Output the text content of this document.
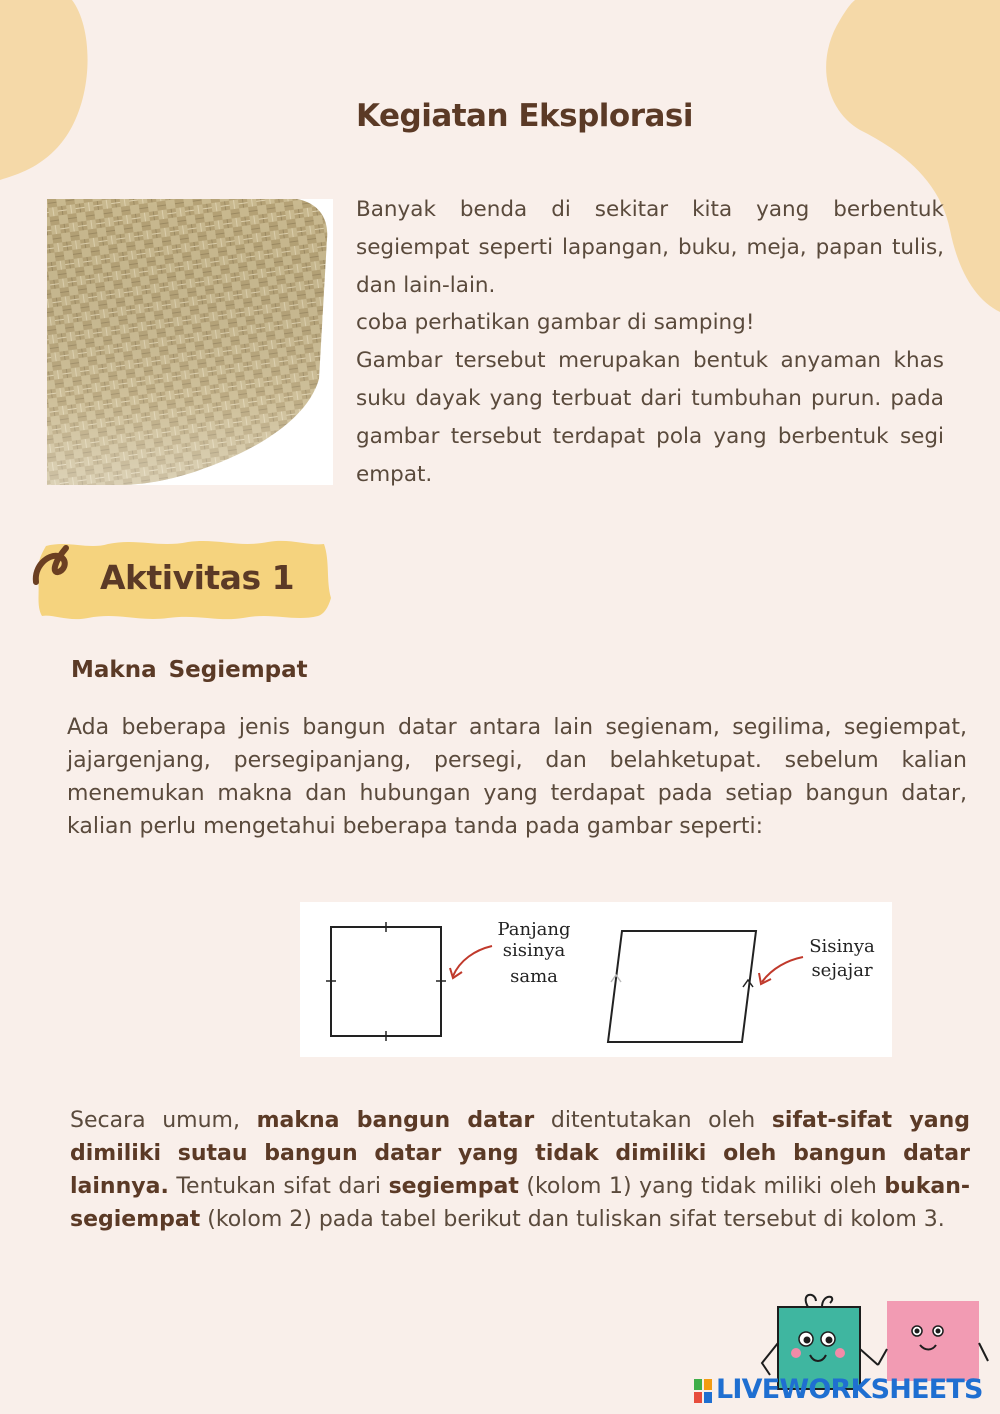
Kegiatan Eksplorasi

Banyak benda di sekitar kita yang berbentuk segiempat seperti lapangan, buku, meja, papan tulis, dan lain-lain.

coba perhatikan gambar di samping!

Gambar tersebut merupakan bentuk anyaman khas suku dayak yang terbuat dari tumbuhan purun. pada gambar tersebut terdapat pola yang berbentuk segi empat.

Aktivitas 1
Makna Segiempat

Ada beberapa jenis bangun datar antara lain segienam, segilima, segiempat, jajargenjang, persegipanjang, persegi, dan belahketupat. sebelum kalian menemukan makna dan hubungan yang terdapat pada setiap bangun datar, kalian perlu mengetahui beberapa tanda pada gambar seperti:

Panjang
sisinya
sama
Sisinya
sejajar

Secara umum, makna bangun datar ditentutakan oleh sifat-sifat yang dimiliki sutau bangun datar yang tidak dimiliki oleh bangun datar lainnya. Tentukan sifat dari segiempat (kolom 1) yang tidak miliki oleh bukan-segiempat (kolom 2) pada tabel berikut dan tuliskan sifat tersebut di kolom 3.

LIVEWORKSHEETS
